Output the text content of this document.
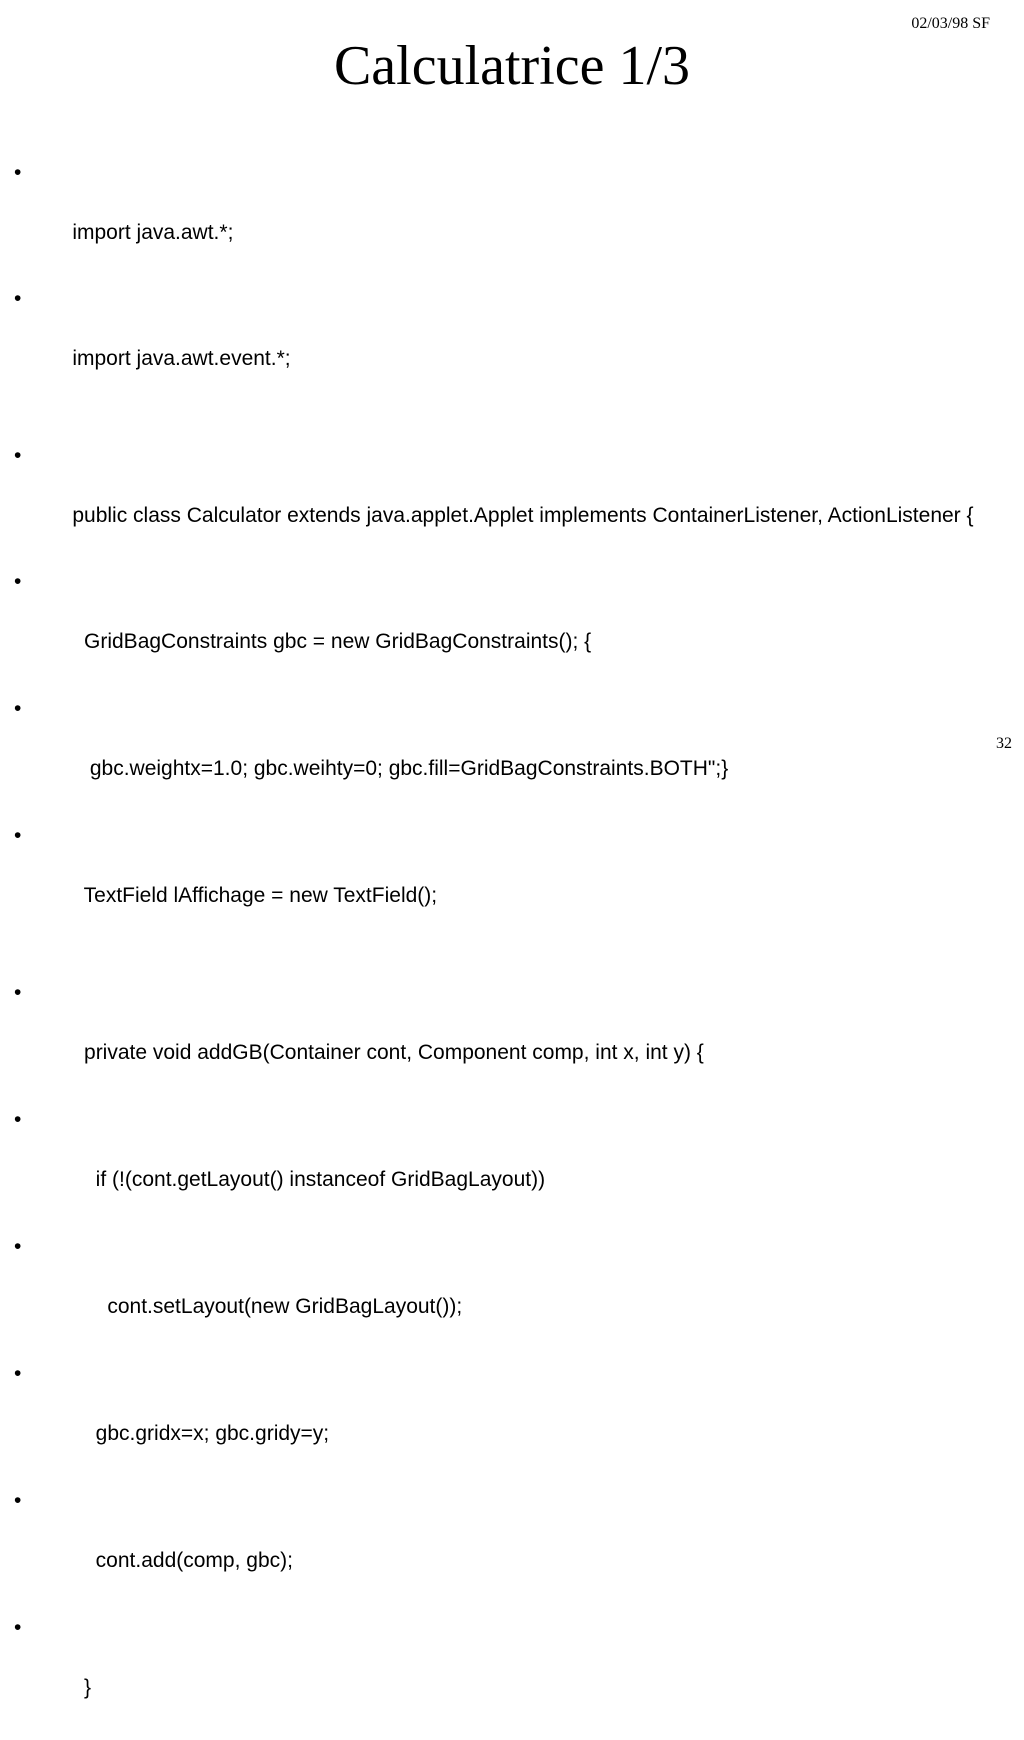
02/03/98 SF
Calculatrice 1/3

•

import java.awt.*;

•

import java.awt.event.*;

•

public class Calculator extends java.applet.Applet implements ContainerListener, ActionListener {

•

GridBagConstraints gbc = new GridBagConstraints(); {

•

gbc.weightx=1.0; gbc.weihty=0; gbc.fill=GridBagConstraints.BOTH";}

•

TextField lAffichage = new TextField();

•

private void addGB(Container cont, Component comp, int x, int y) {

•

if (!(cont.getLayout() instanceof GridBagLayout))

•

cont.setLayout(new GridBagLayout());

•

gbc.gridx=x; gbc.gridy=y;

•

cont.add(comp, gbc);

•

}

32
